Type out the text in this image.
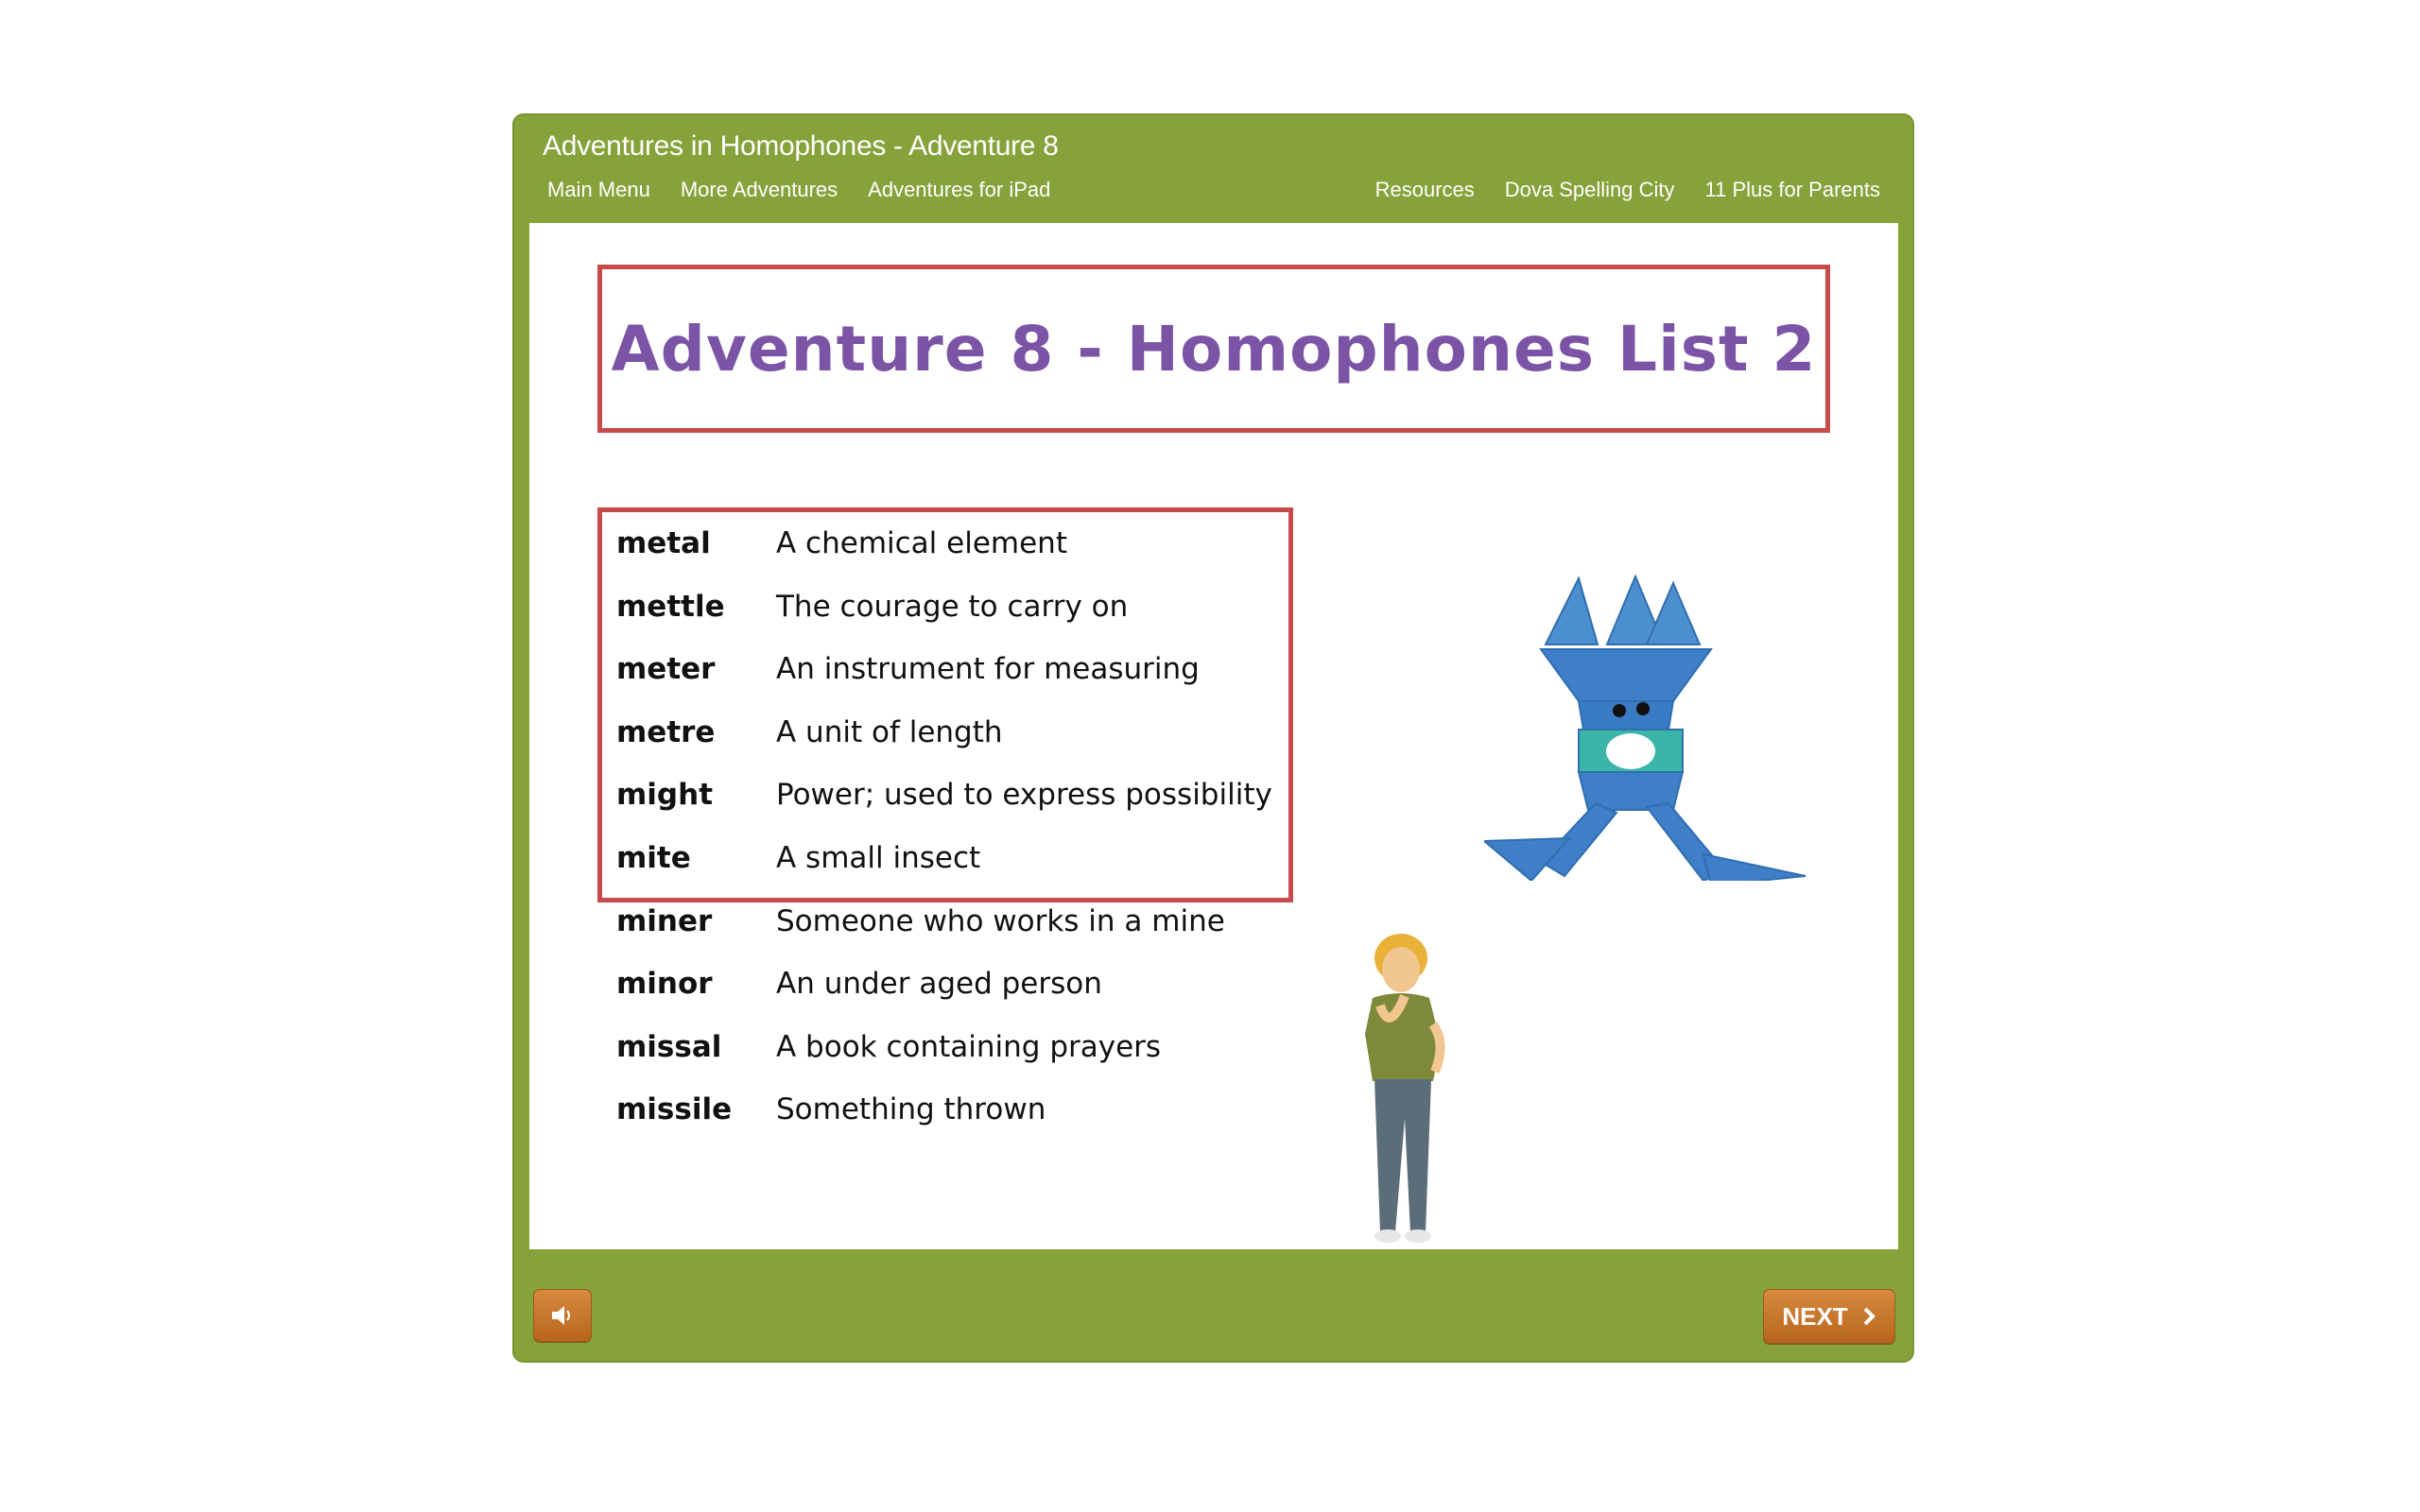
Adventures in Homophones - Adventure 8
Main Menu More Adventures Adventures for iPad	Resources Dova Spelling City 11 Plus for Parents
Adventure 8 - Homophones List 2
metal A chemical element
mettle The courage to carry on
meter An instrument for measuring
metre A unit of length
might Power; used to express possibility
mite	A small insect
miner Someone who works in a mine
minor An under aged person
missal A book containing prayers
missile Something thrown
NEXT
